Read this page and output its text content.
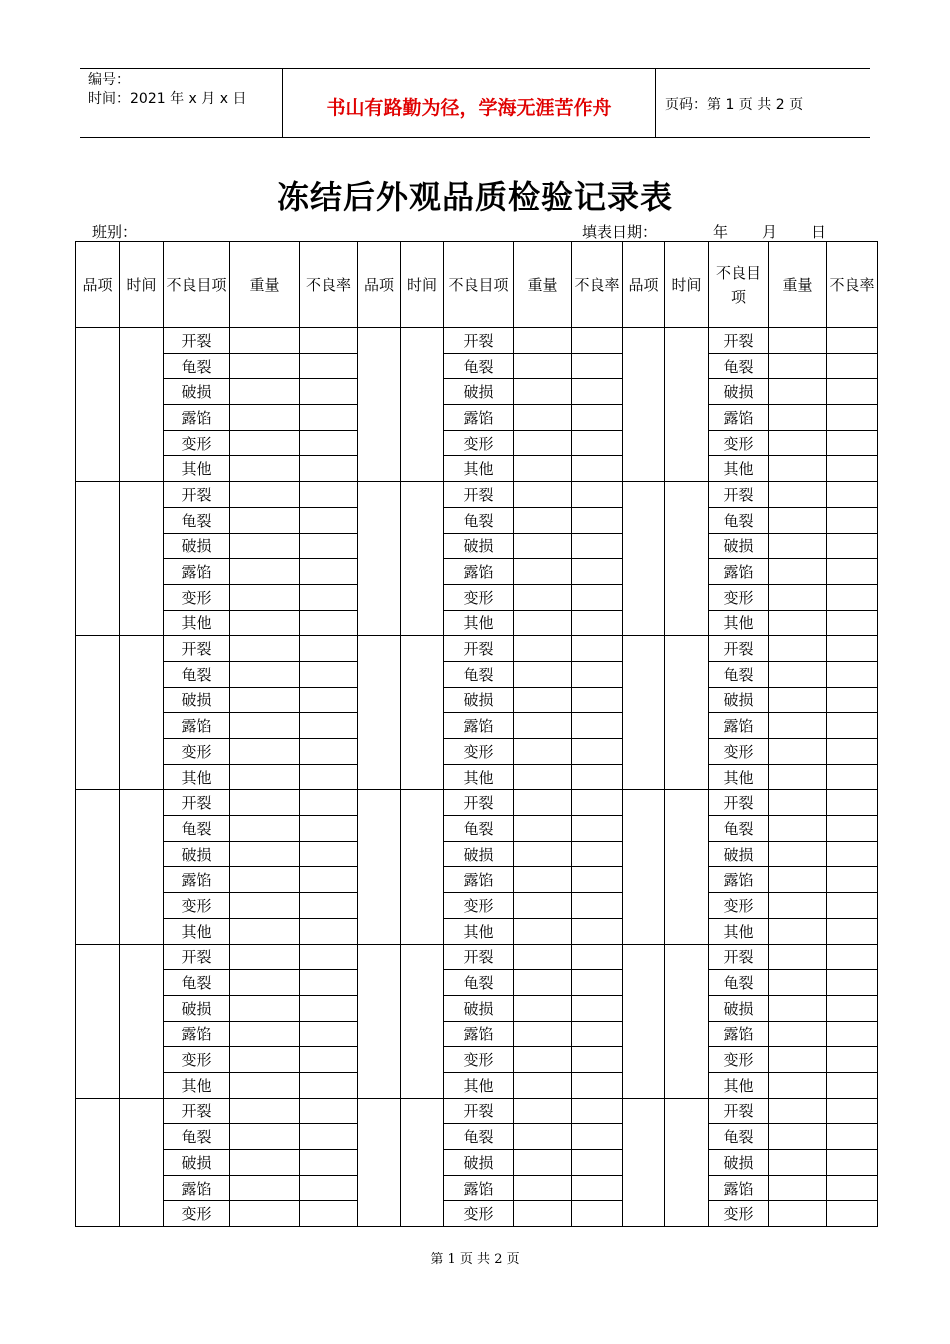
编号：
时间：2021 年 x 月 x 日	书山有路勤为径，学海无涯苦作舟	页码：第 1 页 共 2 页
冻结后外观品质检验记录表
班别：	填表日期：	年 月 日
品项	时间	不良目项	重量	不良率	品项	时间	不良目项	重量	不良率	品项	时间	不良目项	重量	不良率
		开裂					开裂					开裂		
		龟裂					龟裂					龟裂		
		破损					破损					破损		
		露馅					露馅					露馅		
		变形					变形					变形		
		其他					其他					其他		
		开裂					开裂					开裂		
		龟裂					龟裂					龟裂		
		破损					破损					破损		
		露馅					露馅					露馅		
		变形					变形					变形		
		其他					其他					其他		
		开裂					开裂					开裂		
		龟裂					龟裂					龟裂		
		破损					破损					破损		
		露馅					露馅					露馅		
		变形					变形					变形		
		其他					其他					其他		
		开裂					开裂					开裂		
		龟裂					龟裂					龟裂		
		破损					破损					破损		
		露馅					露馅					露馅		
		变形					变形					变形		
		其他					其他					其他		
		开裂					开裂					开裂		
		龟裂					龟裂					龟裂		
		破损					破损					破损		
		露馅					露馅					露馅		
		变形					变形					变形		
		其他					其他					其他		
		开裂					开裂					开裂		
		龟裂					龟裂					龟裂		
		破损					破损					破损		
		露馅					露馅					露馅		
		变形					变形					变形		
第 1 页 共 2 页
